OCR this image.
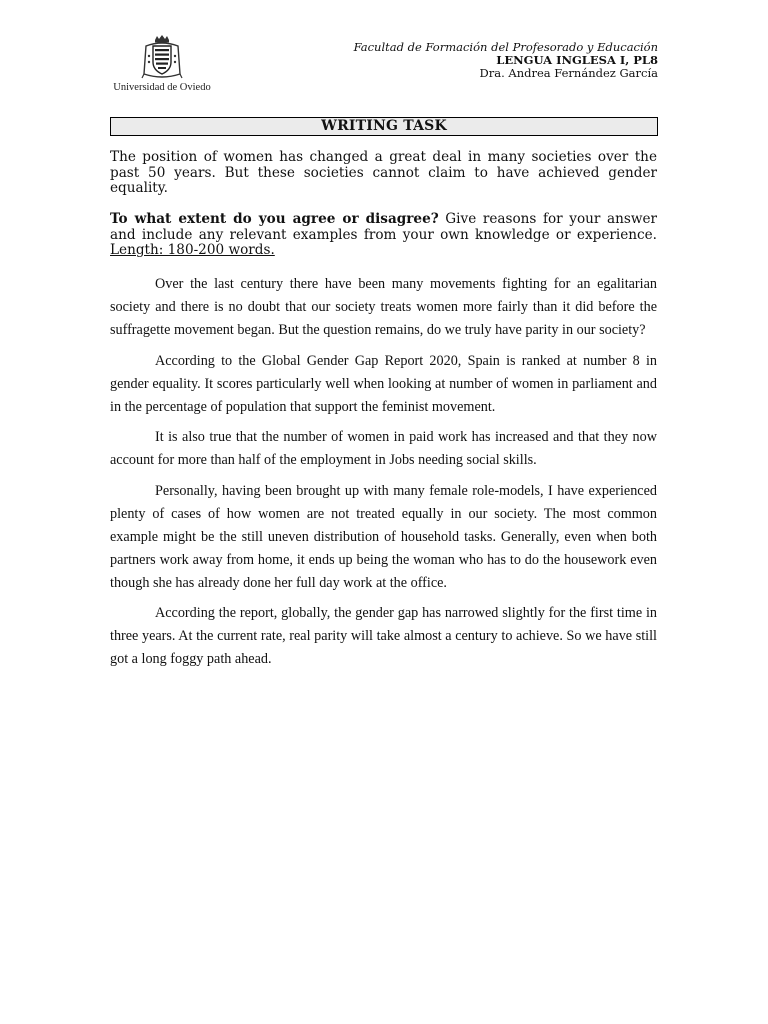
Universidad de Oviedo
Facultad de Formación del Profesorado y Educación
LENGUA INGLESA I, PL8
Dra. Andrea Fernández García
WRITING TASK
The position of women has changed a great deal in many societies over the past 50 years. But these societies cannot claim to have achieved gender equality.
To what extent do you agree or disagree? Give reasons for your answer and include any relevant examples from your own knowledge or experience. Length: 180-200 words.

Over the last century there have been many movements fighting for an egalitarian society and there is no doubt that our society treats women more fairly than it did before the suffragette movement began. But the question remains, do we truly have parity in our society?

According to the Global Gender Gap Report 2020, Spain is ranked at number 8 in gender equality. It scores particularly well when looking at number of women in parliament and in the percentage of population that support the feminist movement.

It is also true that the number of women in paid work has increased and that they now account for more than half of the employment in Jobs needing social skills.

Personally, having been brought up with many female role-models, I have experienced plenty of cases of how women are not treated equally in our society. The most common example might be the still uneven distribution of household tasks. Generally, even when both partners work away from home, it ends up being the woman who has to do the housework even though she has already done her full day work at the office.

According the report, globally, the gender gap has narrowed slightly for the first time in three years. At the current rate, real parity will take almost a century to achieve. So we have still got a long foggy path ahead.
